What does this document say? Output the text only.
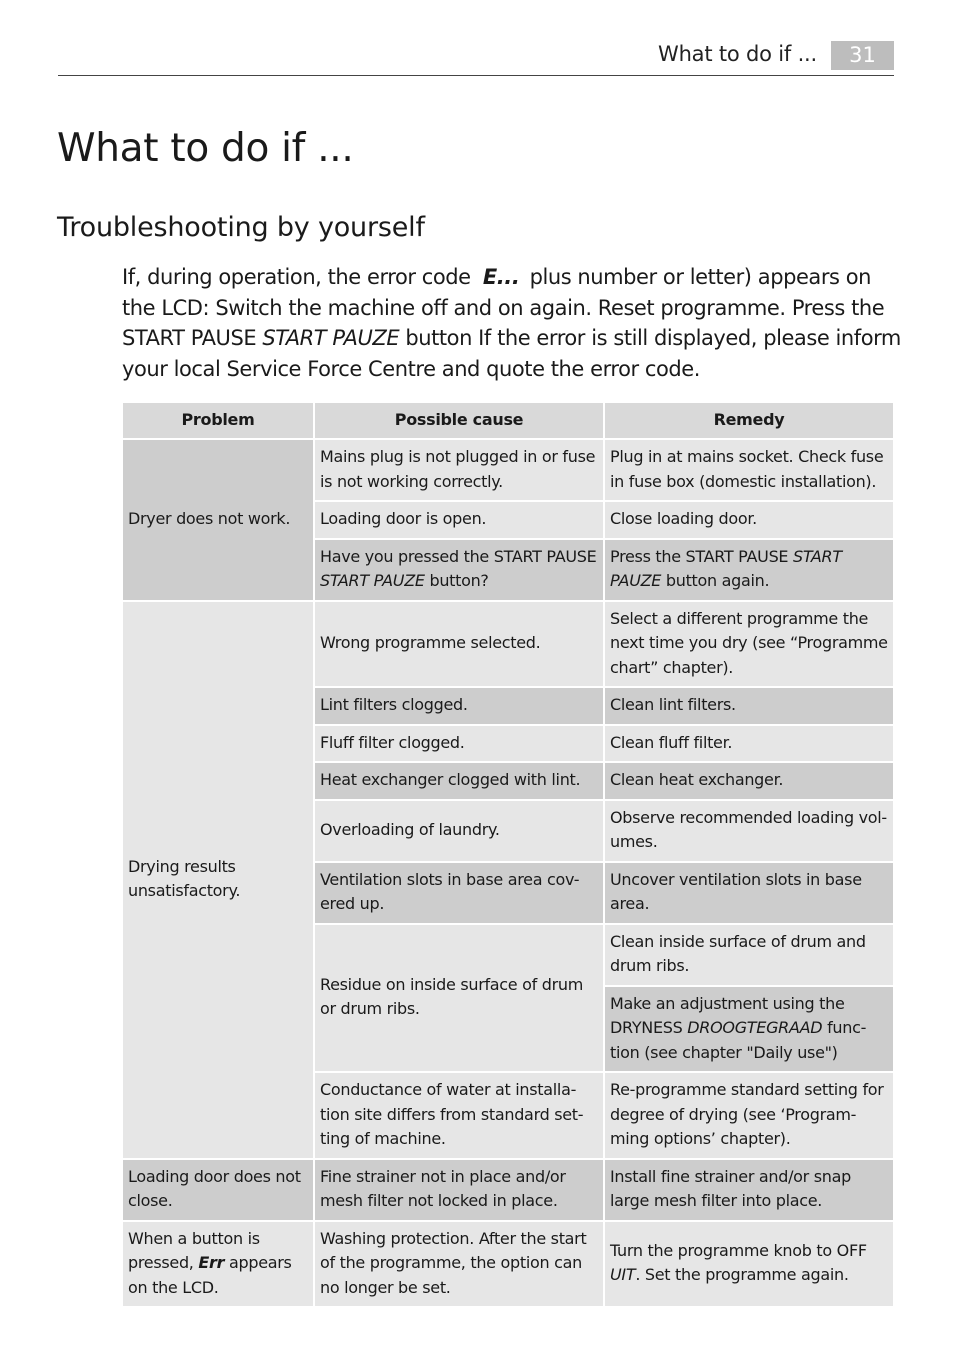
What to do if ...	31
What to do if ...
Troubleshooting by yourself

If, during operation, the error code E... plus number or letter) appears on the LCD: Switch the machine off and on again. Reset programme. Press the START PAUSE START PAUZE button If the error is still displayed, please inform your local Service Force Centre and quote the error code.

Problem	Possible cause	Remedy
Dryer does not work.	Mains plug is not plugged in or fuse is not working correctly.	Plug in at mains socket. Check fuse in fuse box (domestic installation).
	Loading door is open.	Close loading door.
	Have you pressed the START PAUSE START PAUZE button?	Press the START PAUSE START PAUZE button again.
Drying results unsatisfactory.	Wrong programme selected.	Select a different programme the next time you dry (see “Programme chart” chapter).
	Lint filters clogged.	Clean lint filters.
	Fluff filter clogged.	Clean fluff filter.
	Heat exchanger clogged with lint.	Clean heat exchanger.
	Overloading of laundry.	Observe recommended loading vol-umes.
	Ventilation slots in base area cov-ered up.	Uncover ventilation slots in base area.
	Residue on inside surface of drum or drum ribs.	Clean inside surface of drum and drum ribs.
		Make an adjustment using the DRYNESS DROOGTEGRAAD func-tion (see chapter "Daily use")
	Conductance of water at installa-tion site differs from standard set-ting of machine.	Re-programme standard setting for degree of drying (see ‘Program-ming options’ chapter).
Loading door does not close.	Fine strainer not in place and/or mesh filter not locked in place.	Install fine strainer and/or snap large mesh filter into place.
When a button is pressed, Err appears on the LCD.	Washing protection. After the start of the programme, the option can no longer be set.	Turn the programme knob to OFF UIT. Set the programme again.
